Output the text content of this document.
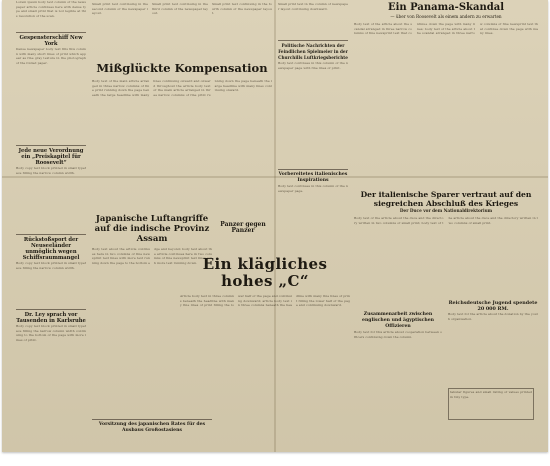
Lorem ipsum body text column of the newspaper article continues here with dense type and small print that is not legible at this resolution of the scan.
Gespensterschiff New York
Dense newspaper body text fills this column with many short lines of print which appear as fine gray texture in the photograph of the folded paper.
Jede neue Verordnung ein „Preiskapitel für Roosevelt“
Body copy text block printed in small typeface filling the narrow column width.
Rückstoßsport der Neuseeländer unmöglich wegen Schiffsraummangel
Body copy text block printed in small typeface filling the narrow column width.
Dr. Ley sprach vor Tausenden in Karlsruhe
Body copy text block printed in small typeface filling the narrow column width continuing to the bottom of the page with more lines of print.
Small print text continuing in the second column of the newspaper layout.
Small print text continuing in the third column of the newspaper layout.
Small print text continuing in the fourth column of the newspaper layout.
Mißglückte Kompensation
Body text of the main article arranged in three narrow columns of fine print running down the page beneath the large headline with many lines continuing onward and onward throughout the article body text of the main article arranged in three narrow columns of fine print running down the page beneath the large headline with many lines continuing onward.
Panzer gegen Panzer
Japanische Luftangriffe auf die indische Provinz Assam
Body text about the article continues here in two columns of fine newsprint text lines with more text running down the page to the bottom edge and beyond; body text about the article continues here in two columns of fine newsprint text lines with more text running down.
Vorsitzung des japanischen Rates für des Ausbaus Großostasiens
Small print text in the column of newspaper layout continuing downward.
Politische Nachrichten der Feindlichen Spielmeier in der Churchills Luftkriegsberichte
Body text continues in this column of the newspaper page with fine lines of print.
Vorbereitetes italienisches Inspirations
Body text continues in this column of the newspaper page.
Ein klägliches hohes „C“
Article body text in three columns beneath the headline with many fine lines of print filling the lower half of the page and continuing downward; article body text in three columns beneath the headline with many fine lines of print filling the lower half of the page and continuing downward.
Ein Panama-Skandal
— über von Roosevelt als einem andern zu erwarten
Body text of the article about the scandal arranged in three narrow columns of fine newsprint text that continue down the page with many lines; body text of the article about the scandal arranged in three narrow columns of fine newsprint text that continue down the page with many lines.
Der italienische Sparer vertraut auf den siegreichen Abschluß des Krieges
Der Duce vor dem Nationaldirektorium
Body text of the article about the duce and the directory written in two columns of small print; body text of the article about the duce and the directory written in two columns of small print.
Reichsdeutsche Jugend spendete 20 000 RM.
Body text for the article about the donation by the youth organisation.
Zusammenarbeit zwischen englischen und ägyptischen Offizieren
Body text for this article about cooperation between officers continuing down the column.
tabular figures and small listing of values printed in tiny type.
